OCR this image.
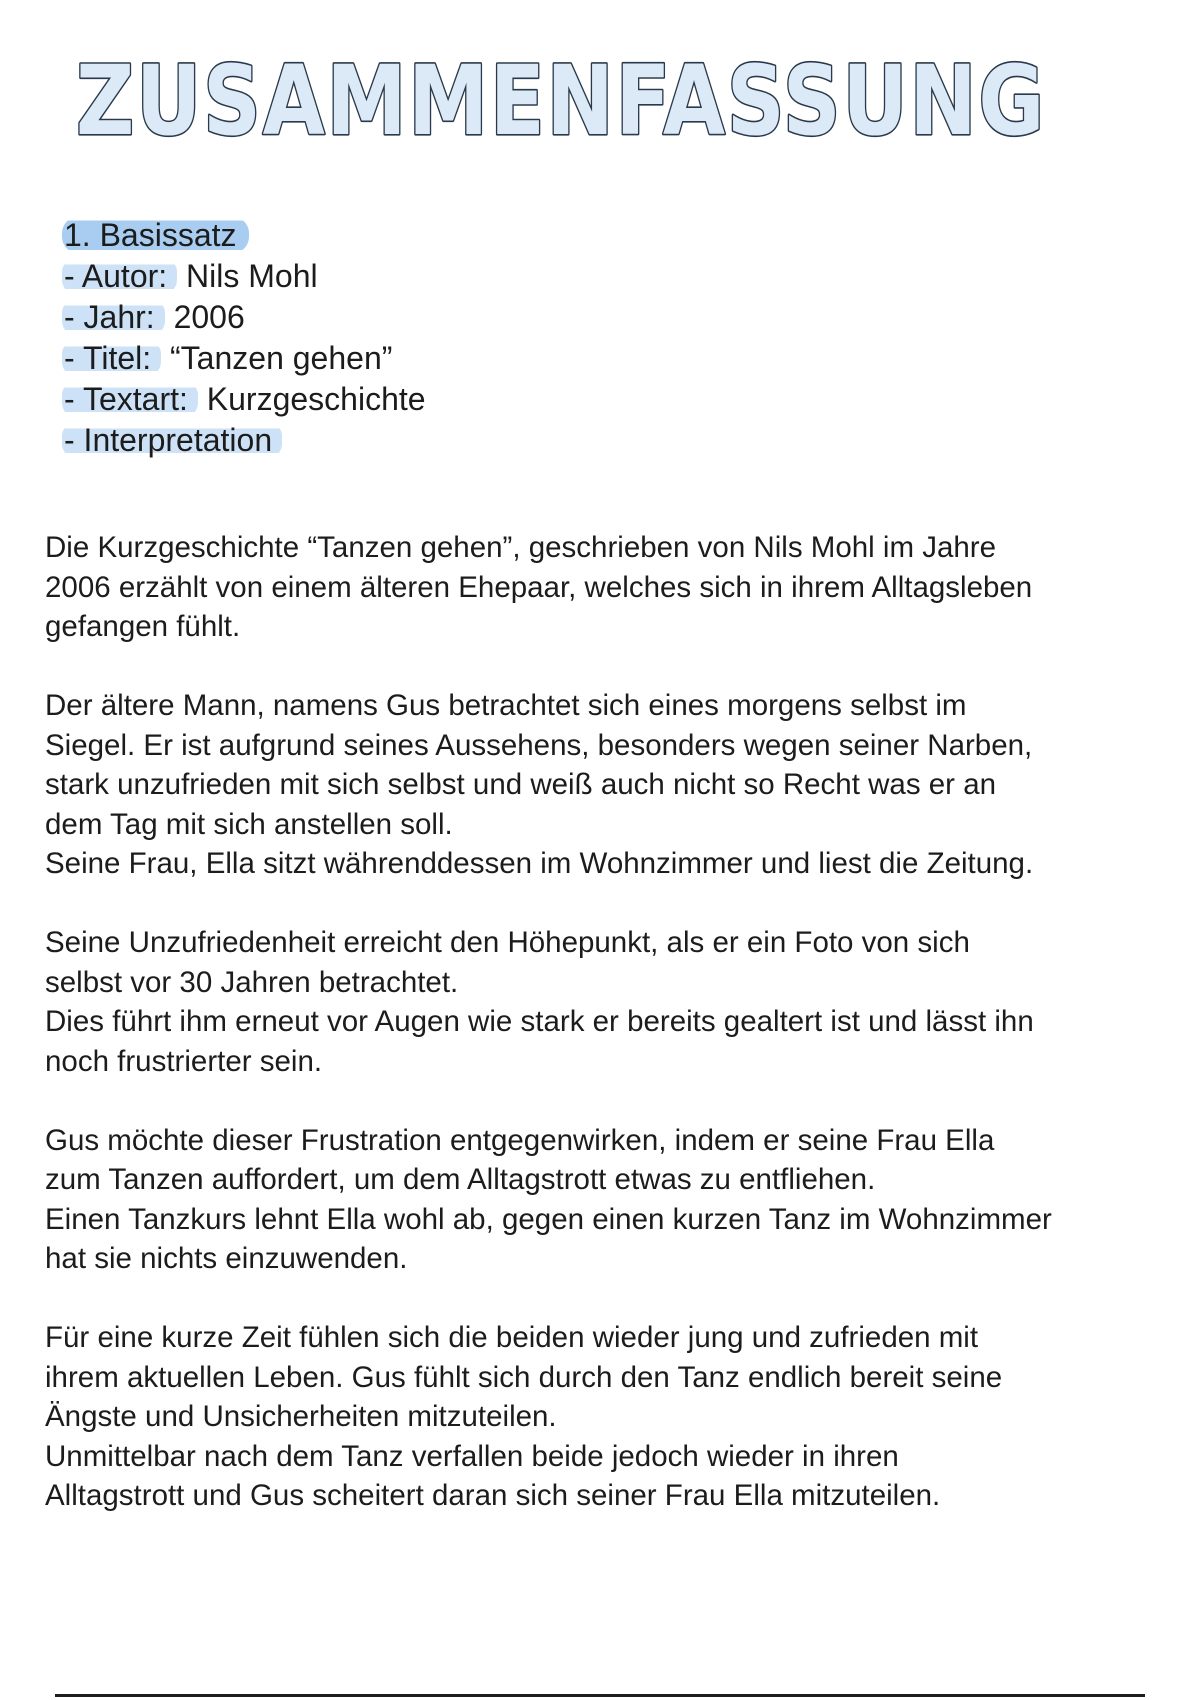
ZUSAMMENFASSUNG
1. Basissatz
- Autor: Nils Mohl
- Jahr: 2006
- Titel: “Tanzen gehen”
- Textart: Kurzgeschichte
- Interpretation

Die Kurzgeschichte “Tanzen gehen”, geschrieben von Nils Mohl im Jahre
2006 erzählt von einem älteren Ehepaar, welches sich in ihrem Alltagsleben
gefangen fühlt.

Der ältere Mann, namens Gus betrachtet sich eines morgens selbst im
Siegel. Er ist aufgrund seines Aussehens, besonders wegen seiner Narben,
stark unzufrieden mit sich selbst und weiß auch nicht so Recht was er an
dem Tag mit sich anstellen soll.
Seine Frau, Ella sitzt währenddessen im Wohnzimmer und liest die Zeitung.

Seine Unzufriedenheit erreicht den Höhepunkt, als er ein Foto von sich
selbst vor 30 Jahren betrachtet.
Dies führt ihm erneut vor Augen wie stark er bereits gealtert ist und lässt ihn
noch frustrierter sein.

Gus möchte dieser Frustration entgegenwirken, indem er seine Frau Ella
zum Tanzen auffordert, um dem Alltagstrott etwas zu entfliehen.
Einen Tanzkurs lehnt Ella wohl ab, gegen einen kurzen Tanz im Wohnzimmer
hat sie nichts einzuwenden.

Für eine kurze Zeit fühlen sich die beiden wieder jung und zufrieden mit
ihrem aktuellen Leben. Gus fühlt sich durch den Tanz endlich bereit seine
Ängste und Unsicherheiten mitzuteilen.
Unmittelbar nach dem Tanz verfallen beide jedoch wieder in ihren
Alltagstrott und Gus scheitert daran sich seiner Frau Ella mitzuteilen.
